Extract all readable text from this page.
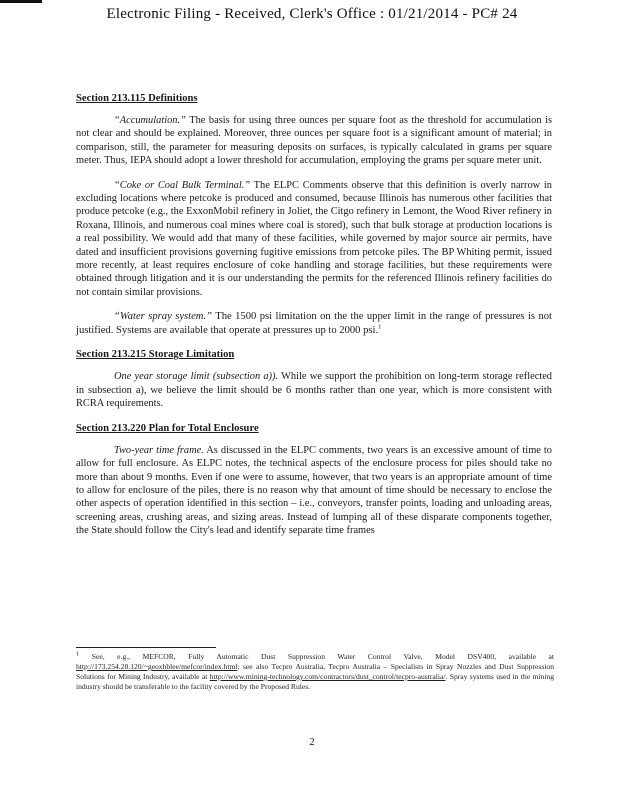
Electronic Filing - Received, Clerk's Office : 01/21/2014 - PC# 24
Section 213.115 Definitions

“Accumulation.” The basis for using three ounces per square foot as the threshold for accumulation is not clear and should be explained. Moreover, three ounces per square foot is a significant amount of material; in comparison, still, the parameter for measuring deposits on surfaces, is typically calculated in grams per square meter. Thus, IEPA should adopt a lower threshold for accumulation, employing the grams per square meter unit.

“Coke or Coal Bulk Terminal.” The ELPC Comments observe that this definition is overly narrow in excluding locations where petcoke is produced and consumed, because Illinois has numerous other facilities that produce petcoke (e.g., the ExxonMobil refinery in Joliet, the Citgo refinery in Lemont, the Wood River refinery in Roxana, Illinois, and numerous coal mines where coal is stored), such that bulk storage at production locations is a real possibility. We would add that many of these facilities, while governed by major source air permits, have dated and insufficient provisions governing fugitive emissions from petcoke piles. The BP Whiting permit, issued more recently, at least requires enclosure of coke handling and storage facilities, but these requirements were obtained through litigation and it is our understanding the permits for the referenced Illinois refinery facilities do not contain similar provisions.

“Water spray system.” The 1500 psi limitation on the the upper limit in the range of pressures is not justified. Systems are available that operate at pressures up to 2000 psi.$^1$

Section 213.215 Storage Limitation

One year storage limit (subsection a)). While we support the prohibition on long-term storage reflected in subsection a), we believe the limit should be 6 months rather than one year, which is more consistent with RCRA requirements.

Section 213.220 Plan for Total Enclosure

Two-year time frame. As discussed in the ELPC comments, two years is an excessive amount of time to allow for full enclosure. As ELPC notes, the technical aspects of the enclosure process for piles should take no more than about 9 months. Even if one were to assume, however, that two years is an appropriate amount of time to allow for enclosure of the piles, there is no reason why that amount of time should be necessary to enclose the other aspects of operation identified in this section – i.e., conveyors, transfer points, loading and unloading areas, screening areas, crushing areas, and sizing areas. Instead of lumping all of these disparate components together, the State should follow the City's lead and identify separate time frames

$^1$ See, e.g., MEFCOR, Fully Automatic Dust Suppression Water Control Valve, Model DSV400, available at http://173.254.28.120/~geoxhblee/mefcor/index.html; see also Tecpro Australia, Tecpro Australia – Specialists in Spray Nozzles and Dust Suppression Solutions for Mining Industry, available at http://www.mining-technology.com/contractors/dust_control/tecpro-australia/. Spray systems used in the mining industry should be transferable to the facility covered by the Proposed Rules.
2
